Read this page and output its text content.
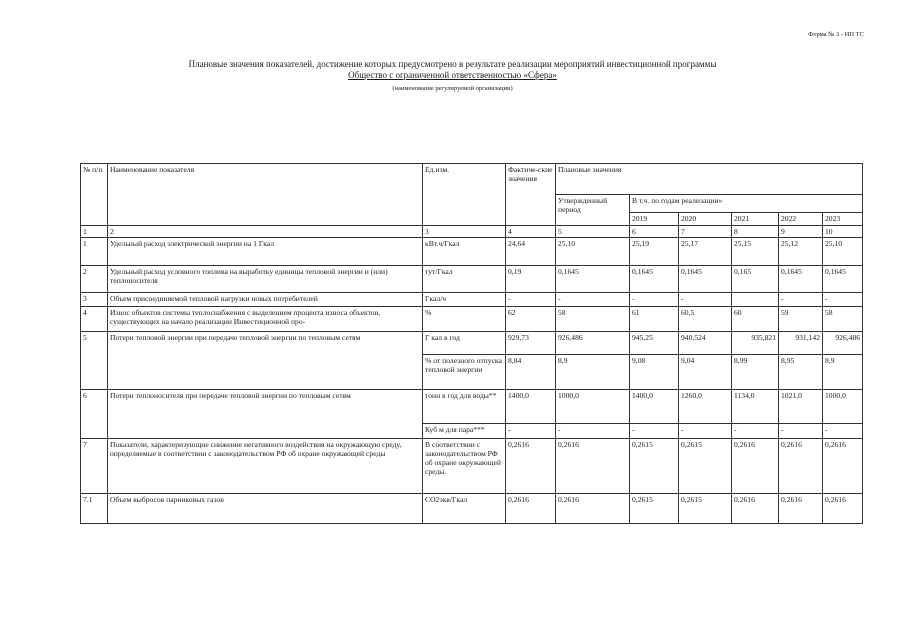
Форма № 3 - ИП ТС
Плановые значения показателей, достижение которых предусмотрено в результате реализации мероприятий инвестиционной программы
Общество с ограниченной ответственностью «Сфера»
(наименование регулируемой организации)
№ п/п	Наименование показателя	Ед.изм.	Фактиче-ские значения	Плановые значения					
				Утвержденный период	В т.ч. по годам реализации»				
					2019	2020	2021	2022	2023
1	2	3	4	5	6	7	8	9	10
1	Удельный расход электрической энергии на 1 Гкал	кВт.ч/Гкал	24,64	25,10	25,19	25,17	25,15	25,12	25,10
2	Удельный расход условного топлива на выработку единицы тепловой энергии и (или) теплоносителя	тут/Гкал	0,19	0,1645	0,1645	0,1645	0,165	0,1645	0,1645
3	Объем присоединяемой тепловой нагрузки новых потребителей	Гкал/ч	-	-	-	-		-	-
4	Износ объектов системы теплоснабжения с выделением процента износа объектов, существующих на начало реализации Инвестиционной про-	%	62	58	61	60,5	60	59	58
5	Потери тепловой энергии при передаче тепловой энергии по тепловым сетям	Г кал в год	929,73	926,486	945,25	940,524	935,821	931,142	926,486
		% от полезного отпуска тепловой энергии	8,84	8,9	9,08	9,04	8,99	8,95	8,9
6	Потери теплоносителя при передаче тепловой энергии по тепловым сетям	тонн в год для воды**	1400,0	1000,0	1400,0	1260,0	1134,0	1021,0	1000,0
		Куб м для пара***	-	-	-	-	-	-	-
7	Показатели, характеризующие снижение негативного воздействия на окружающую среду, определяемые в соответствии с законодательством РФ об охране окружающей среды	В соответствии с законодательством РФ об охране окружающей среды.	0,2616	0,2616	0,2615	0,2615	0,2616	0,2616	0,2616
7.1	Объем выбросов парниковых газов	СО2экв/Гкал	0,2616	0,2616	0,2615	0,2615	0,2616	0,2616	0,2616
